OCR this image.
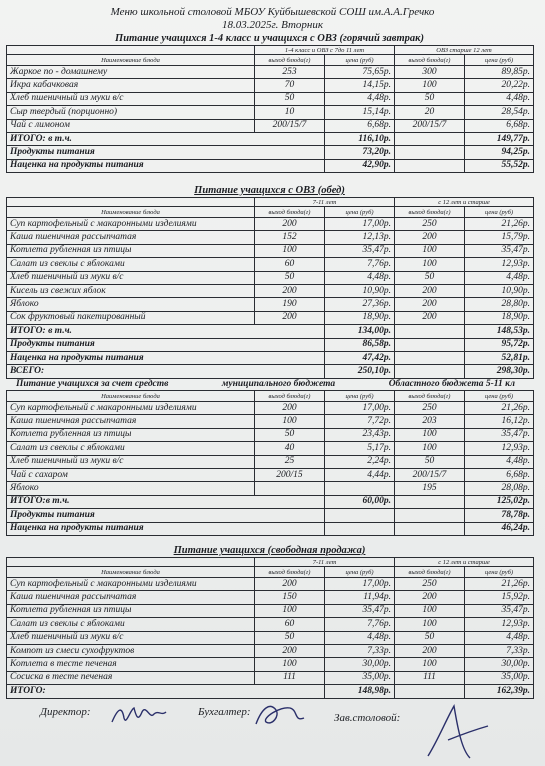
Меню школьной столовой МБОУ Куйбышевской СОШ им.А.А.Гречко
18.03.2025г. Вторник
Питание учащихся 1-4 класс и учащихся с ОВЗ (горячий завтрак)
	1-4 класс и ОВЗ с 7до 11 лет		ОВЗ старше 12 лет	
Наименование блюда	выход блюда(г)	цена (руб)	выход блюда(г)	цена (руб)
Жаркое по - домашнему	253	75,65р.	300	89,85р.
Икра кабачковая	70	14,15р.	100	20,22р.
Хлеб пшеничный из муки в/с	50	4,48р.	50	4,48р.
Сыр твердый (порционно)	10	15,14р.	20	28,54р.
Чай с лимоном	200/15/7	6,68р.	200/15/7	6,68р.
ИТОГО: в т.ч.		116,10р.		149,77р.
Продукты питания		73,20р.		94,25р.
Наценка на продукты питания		42,90р.		55,52р.
Питание учащихся с ОВЗ (обед)
	7-11 лет		с 12 лет и старше	
Наименование блюда	выход блюда(г)	цена (руб)	выход блюда(г)	цена (руб)
Суп картофельный с макаронными изделиями	200	17,00р.	250	21,26р.
Каша пшеничная рассыпчатая	152	12,13р.	200	15,79р.
Котлета рубленная из птицы	100	35,47р.	100	35,47р.
Салат из свеклы с яблоками	60	7,76р.	100	12,93р.
Хлеб пшеничный из муки в/с	50	4,48р.	50	4,48р.
Кисель из свежих яблок	200	10,90р.	200	10,90р.
Яблоко	190	27,36р.	200	28,80р.
Сок фруктовый пакетированный	200	18,90р.	200	18,90р.
ИТОГО: в т.ч.		134,00р.		148,53р.
Продукты питания		86,58р.		95,72р.
Наценка на продукты питания		47,42р.		52,81р.
ВСЕГО:		250,10р.		298,30р.
Питание учащихся за счет средств	муниципального бюджета	Областного бюджета 5-11 кл
Наименование блюда	выход блюда(г)	цена (руб)	выход блюда(г)	цена (руб)
Суп картофельный с макаронными изделиями	200	17,00р.	250	21,26р.
Каша пшеничная рассыпчатая	100	7,72р.	203	16,12р.
Котлета рубленная из птицы	50	23,43р.	100	35,47р.
Салат из свеклы с яблоками	40	5,17р.	100	12,93р.
Хлеб пшеничный из муки в/с	25	2,24р.	50	4,48р.
Чай с сахаром	200/15	4,44р.	200/15/7	6,68р.
Яблоко			195	28,08р.
ИТОГО:в т.ч.		60,00р.		125,02р.
Продукты питания				78,78р.
Наценка на продукты питания				46,24р.
Питание учащихся (свободная продажа)
	7-11 лет		с 12 лет и старше	
Наименование блюда	выход блюда(г)	цена (руб)	выход блюда(г)	цена (руб)
Суп картофельный с макаронными изделиями	200	17,00р.	250	21,26р.
Каша пшеничная рассыпчатая	150	11,94р.	200	15,92р.
Котлета рубленная из птицы	100	35,47р.	100	35,47р.
Салат из свеклы с яблоками	60	7,76р.	100	12,93р.
Хлеб пшеничный из муки в/с	50	4,48р.	50	4,48р.
Компот из смеси сухофруктов	200	7,33р.	200	7,33р.
Котлета в тесте печеная	100	30,00р.	100	30,00р.
Сосиска в тесте печеная	111	35,00р.	111	35,00р.
ИТОГО:		148,98р.		162,39р.
Директор:	Бухгалтер:	Зав.столовой:
